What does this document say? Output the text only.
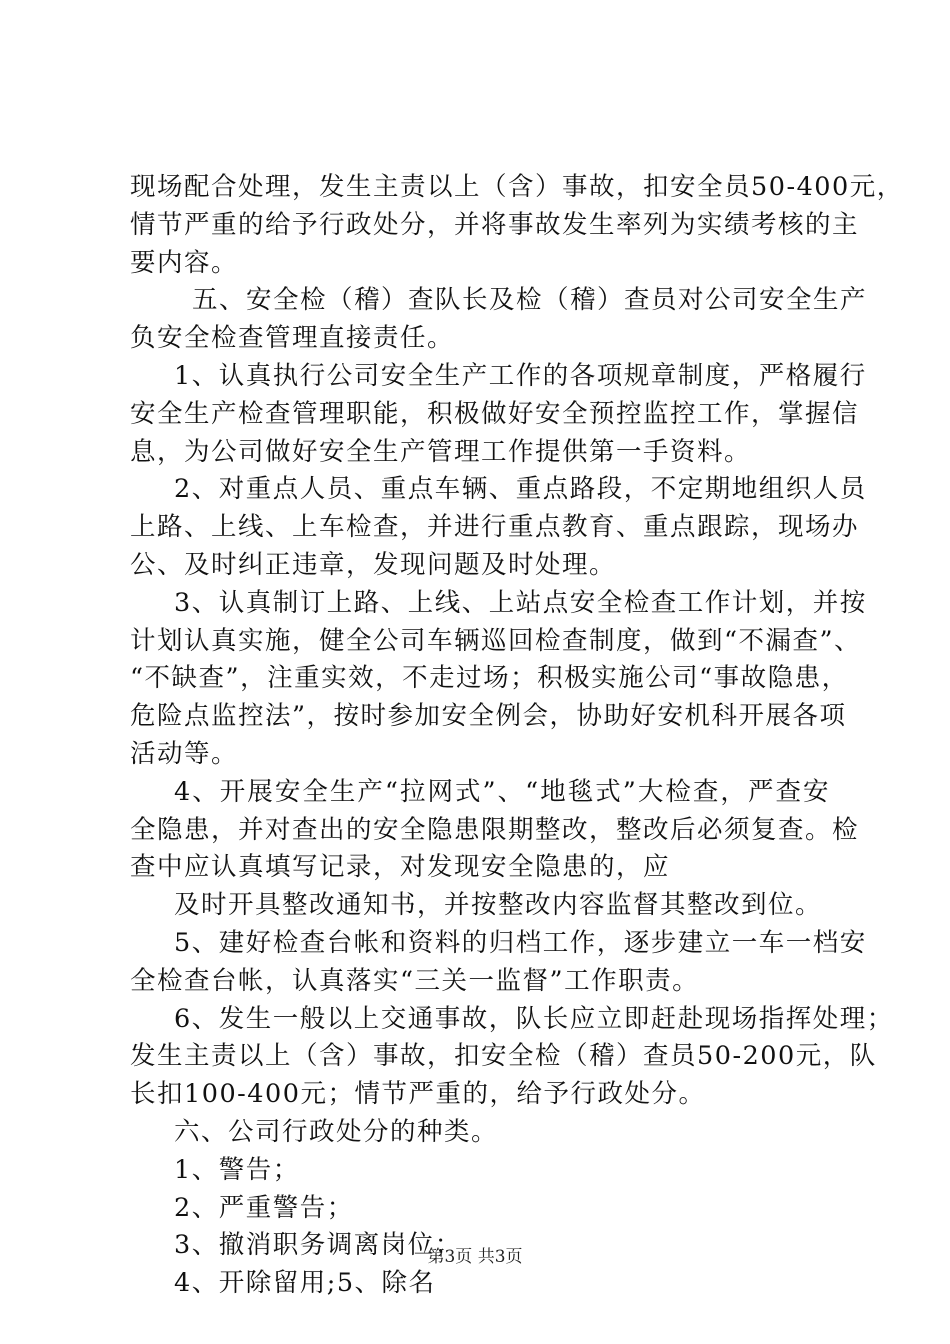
现场配合处理，发生主责以上（含）事故，扣安全员50-400元，
情节严重的给予行政处分，并将事故发生率列为实绩考核的主
要内容。
五、安全检（稽）查队长及检（稽）查员对公司安全生产
负安全检查管理直接责任。
1、认真执行公司安全生产工作的各项规章制度，严格履行
安全生产检查管理职能，积极做好安全预控监控工作，掌握信
息，为公司做好安全生产管理工作提供第一手资料。
2、对重点人员、重点车辆、重点路段，不定期地组织人员
上路、上线、上车检查，并进行重点教育、重点跟踪，现场办
公、及时纠正违章，发现问题及时处理。
3、认真制订上路、上线、上站点安全检查工作计划，并按
计划认真实施，健全公司车辆巡回检查制度，做到“不漏查”、
“不缺查”，注重实效，不走过场；积极实施公司“事故隐患，
危险点监控法”，按时参加安全例会，协助好安机科开展各项
活动等。
4、开展安全生产“拉网式”、“地毯式”大检查，严查安
全隐患，并对查出的安全隐患限期整改，整改后必须复查。检
查中应认真填写记录，对发现安全隐患的，应
及时开具整改通知书，并按整改内容监督其整改到位。
5、建好检查台帐和资料的归档工作，逐步建立一车一档安
全检查台帐，认真落实“三关一监督”工作职责。
6、发生一般以上交通事故，队长应立即赶赴现场指挥处理；
发生主责以上（含）事故，扣安全检（稽）查员50-200元，队
长扣100-400元；情节严重的，给予行政处分。
六、公司行政处分的种类。
1、警告；
2、严重警告；
3、撤消职务调离岗位；
4、开除留用;5、除名
第3页 共3页
